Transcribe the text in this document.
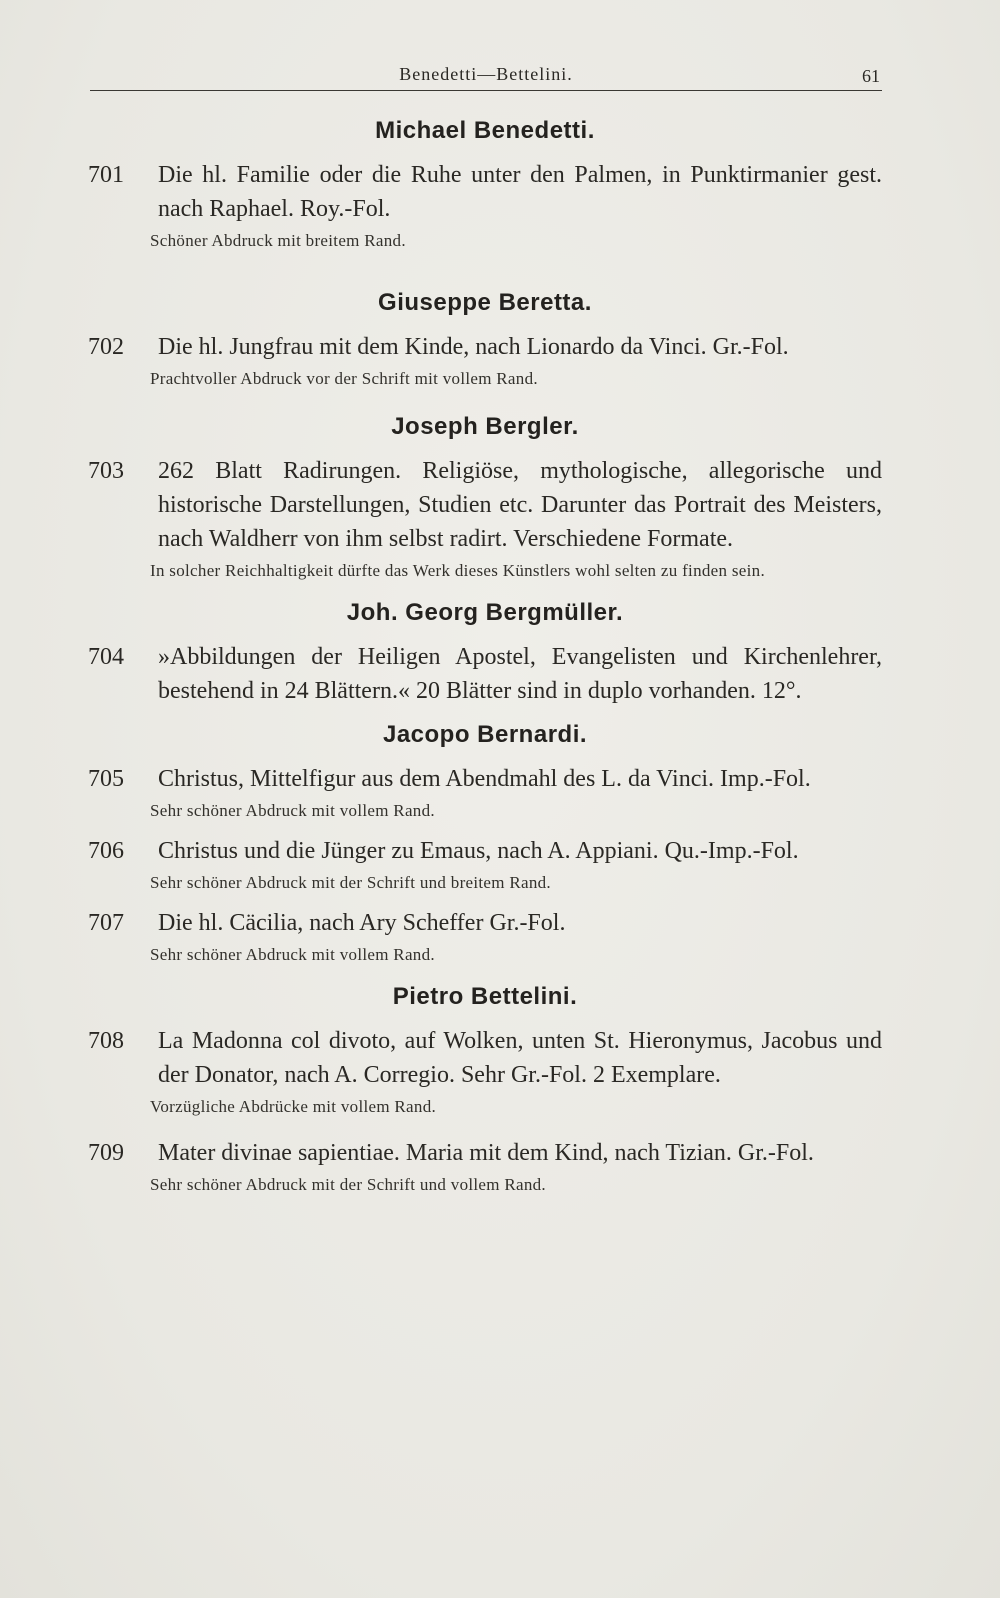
Benedetti—Bettelini.	61
Michael Benedetti.
701 Die hl. Familie oder die Ruhe unter den Palmen, in Punktirmanier gest. nach Raphael. Roy.-Fol.

Schöner Abdruck mit breitem Rand.

Giuseppe Beretta.
702 Die hl. Jungfrau mit dem Kinde, nach Lionardo da Vinci. Gr.-Fol.

Prachtvoller Abdruck vor der Schrift mit vollem Rand.

Joseph Bergler.
703 262 Blatt Radirungen. Religiöse, mythologische, allegorische und historische Darstellungen, Studien etc. Darunter das Portrait des Meisters, nach Waldherr von ihm selbst radirt. Verschiedene Formate.

In solcher Reichhaltigkeit dürfte das Werk dieses Künstlers wohl selten zu finden sein.

Joh. Georg Bergmüller.
704 »Abbildungen der Heiligen Apostel, Evangelisten und Kirchenlehrer, bestehend in 24 Blättern.« 20 Blätter sind in duplo vorhanden. 12°.

Jacopo Bernardi.
705 Christus, Mittelfigur aus dem Abendmahl des L. da Vinci. Imp.-Fol.

Sehr schöner Abdruck mit vollem Rand.

706 Christus und die Jünger zu Emaus, nach A. Appiani. Qu.-Imp.-Fol.

Sehr schöner Abdruck mit der Schrift und breitem Rand.

707 Die hl. Cäcilia, nach Ary Scheffer Gr.-Fol.

Sehr schöner Abdruck mit vollem Rand.

Pietro Bettelini.
708 La Madonna col divoto, auf Wolken, unten St. Hieronymus, Jacobus und der Donator, nach A. Corregio. Sehr Gr.-Fol. 2 Exemplare.

Vorzügliche Abdrücke mit vollem Rand.

709 Mater divinae sapientiae. Maria mit dem Kind, nach Tizian. Gr.-Fol.

Sehr schöner Abdruck mit der Schrift und vollem Rand.
